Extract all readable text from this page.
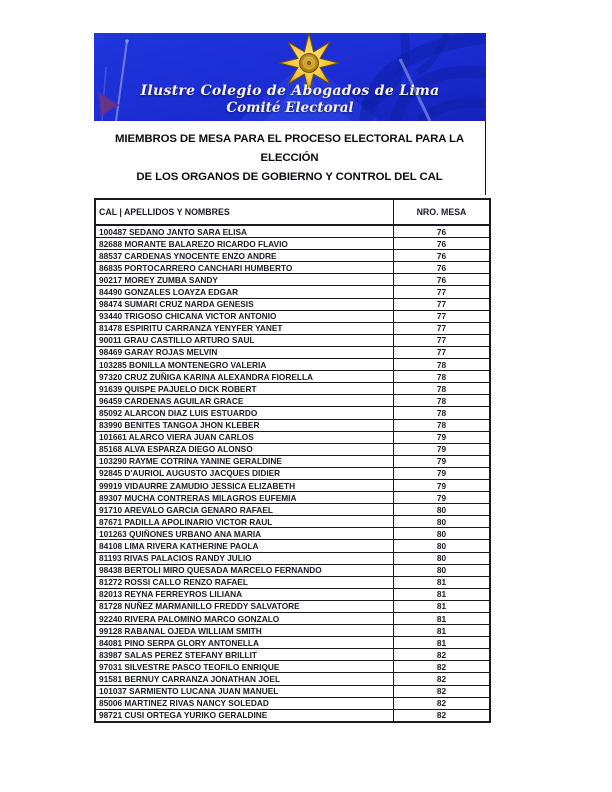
Ilustre Colegio de Abogados de Lima
Comité Electoral
MIEMBROS DE MESA PARA EL PROCESO ELECTORAL PARA LA ELECCIÓN
DE LOS ORGANOS DE GOBIERNO Y CONTROL DEL CAL
CAL | APELLIDOS Y NOMBRES	NRO. MESA
100487 SEDANO JANTO SARA ELISA	76
82688 MORANTE BALAREZO RICARDO FLAVIO	76
88537 CARDENAS YNOCENTE ENZO ANDRE	76
86835 PORTOCARRERO CANCHARI HUMBERTO	76
90217 MOREY ZUMBA SANDY	76
84490 GONZALES LOAYZA EDGAR	77
98474 SUMARI CRUZ NARDA GENESIS	77
93440 TRIGOSO CHICANA VICTOR ANTONIO	77
81478 ESPIRITU CARRANZA YENYFER YANET	77
90011 GRAU CASTILLO ARTURO SAUL	77
98469 GARAY ROJAS MELVIN	77
103285 BONILLA MONTENEGRO VALERIA	78
97320 CRUZ ZUÑIGA KARINA ALEXANDRA FIORELLA	78
91639 QUISPE PAJUELO DICK ROBERT	78
96459 CARDENAS AGUILAR GRACE	78
85092 ALARCON DIAZ LUIS ESTUARDO	78
83990 BENITES TANGOA JHON KLEBER	78
101661 ALARCO VIERA JUAN CARLOS	79
85168 ALVA ESPARZA DIEGO ALONSO	79
103290 RAYME COTRINA YANINE GERALDINE	79
92845 D'AURIOL AUGUSTO JACQUES DIDIER	79
99919 VIDAURRE ZAMUDIO JESSICA ELIZABETH	79
89307 MUCHA CONTRERAS MILAGROS EUFEMIA	79
91710 AREVALO GARCIA GENARO RAFAEL	80
87671 PADILLA APOLINARIO VICTOR RAUL	80
101263 QUIÑONES URBANO ANA MARIA	80
84108 LIMA RIVERA KATHERINE PAOLA	80
81193 RIVAS PALACIOS RANDY JULIO	80
98438 BERTOLI MIRO QUESADA MARCELO FERNANDO	80
81272 ROSSI CALLO RENZO RAFAEL	81
82013 REYNA FERREYROS LILIANA	81
81728 NUÑEZ MARMANILLO FREDDY SALVATORE	81
92240 RIVERA PALOMINO MARCO GONZALO	81
99128 RABANAL OJEDA WILLIAM SMITH	81
84081 PINO SERPA GLORY ANTONELLA	81
83987 SALAS PEREZ STEFANY BRILLIT	82
97031 SILVESTRE PASCO TEOFILO ENRIQUE	82
91581 BERNUY CARRANZA JONATHAN JOEL	82
101037 SARMIENTO LUCANA JUAN MANUEL	82
85006 MARTINEZ RIVAS NANCY SOLEDAD	82
98721 CUSI ORTEGA YURIKO GERALDINE	82
